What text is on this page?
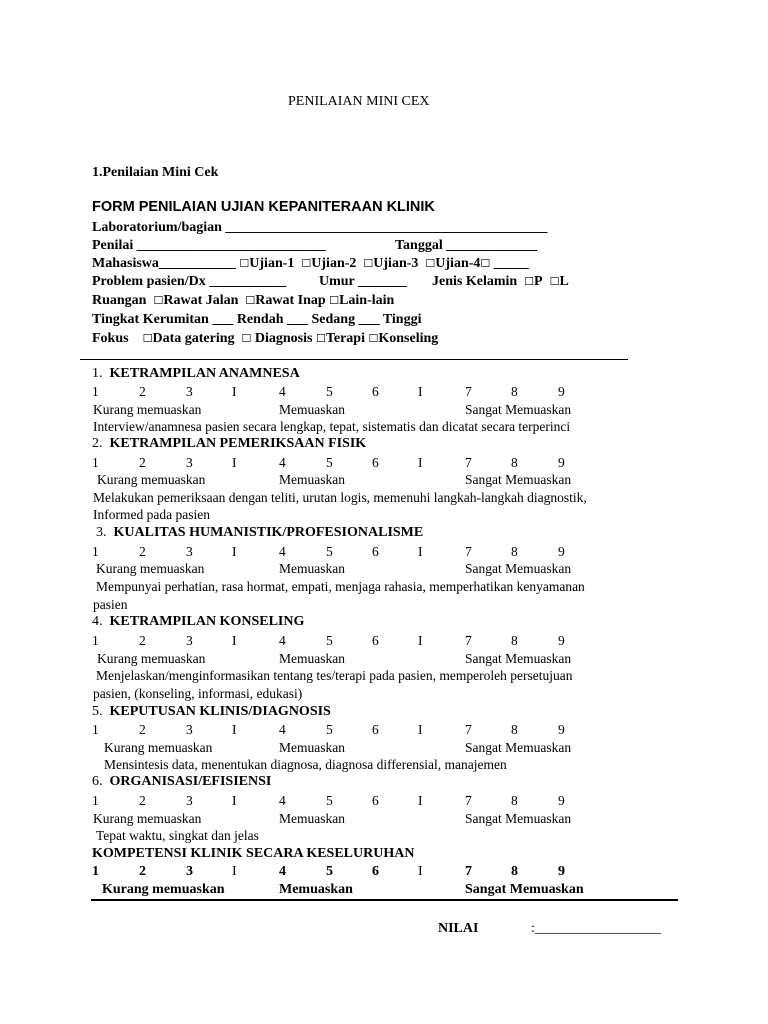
PENILAIAN MINI CEX
1.Penilaian Mini Cek
FORM PENILAIAN UJIAN KEPANITERAAN KLINIK
Laboratorium/bagian ______________________________________________
Penilai ___________________________	Tanggal _____________
Mahasiswa___________ ☐Ujian-1 ☐Ujian-2 ☐Ujian-3 ☐Ujian-4☐ _____
Problem pasien/Dx ___________ Umur _______ Jenis Kelamin ☐P ☐L
Ruangan ☐Rawat Jalan ☐Rawat Inap ☐Lain-lain
Tingkat Kerumitan ___ Rendah ___ Sedang ___ Tinggi
Fokus ☐Data gatering ☐ Diagnosis ☐Terapi ☐Konseling
1. KETRAMPILAN ANAMNESA
1	2	3	I	4	5	6	I	7	8	9
Kurang memuaskan	Memuaskan	Sangat Memuaskan
Interview/anamnesa pasien secara lengkap, tepat, sistematis dan dicatat secara terperinci
2. KETRAMPILAN PEMERIKSAAN FISIK
1	2	3	I	4	5	6	I	7	8	9
Kurang memuaskan	Memuaskan	Sangat Memuaskan
Melakukan pemeriksaan dengan teliti, urutan logis, memenuhi langkah-langkah diagnostik,
Informed pada pasien
3. KUALITAS HUMANISTIK/PROFESIONALISME
1	2	3	I	4	5	6	I	7	8	9
Kurang memuaskan	Memuaskan	Sangat Memuaskan
Mempunyai perhatian, rasa hormat, empati, menjaga rahasia, memperhatikan kenyamanan
pasien
4. KETRAMPILAN KONSELING
1	2	3	I	4	5	6	I	7	8	9
Kurang memuaskan	Memuaskan	Sangat Memuaskan
Menjelaskan/menginformasikan tentang tes/terapi pada pasien, memperoleh persetujuan
pasien, (konseling, informasi, edukasi)
5. KEPUTUSAN KLINIS/DIAGNOSIS
1	2	3	I	4	5	6	I	7	8	9
Kurang memuaskan	Memuaskan	Sangat Memuaskan
Mensintesis data, menentukan diagnosa, diagnosa differensial, manajemen
6. ORGANISASI/EFISIENSI
1	2	3	I	4	5	6	I	7	8	9
Kurang memuaskan	Memuaskan	Sangat Memuaskan
Tepat waktu, singkat dan jelas
KOMPETENSI KLINIK SECARA KESELURUHAN
1	2	3	I	4	5	6	I	7	8	9
Kurang memuaskan	Memuaskan	Sangat Memuaskan
NILAI	:__________________
